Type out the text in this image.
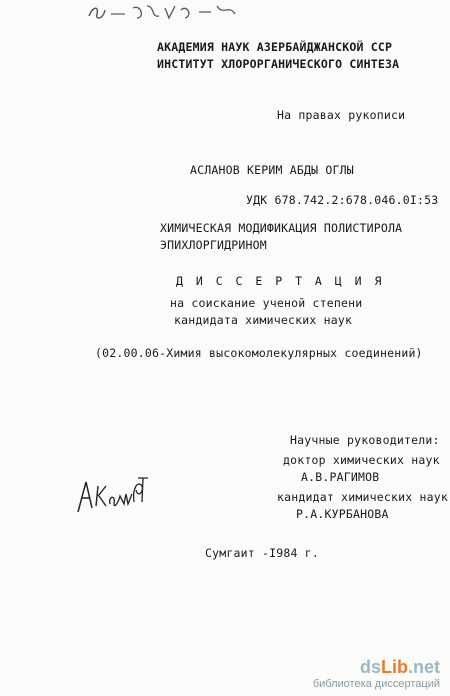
83 — 2703-80
АКАДЕМИЯ НАУК АЗЕРБАЙДЖАНСКОЙ ССР
ИНСТИТУТ ХЛОРОРГАНИЧЕСКОГО СИНТЕЗА
На правах рукописи
АСЛАНОВ КЕРИМ АБДЫ ОГЛЫ
УДК 678.742.2:678.046.0I:53
ХИМИЧЕСКАЯ МОДИФИКАЦИЯ ПОЛИСТИРОЛА
ЭПИХЛОРГИДРИНОМ
Д И С С Е Р Т А Ц И Я
на соискание ученой степени
кандидата химических наук
(02.00.06-Химия высокомолекулярных соединений)
Научные руководители:
доктор химических наук
А.В.РАГИМОВ
кандидат химических наук
Р.А.КУРБАНОВА
Сумгаит -I984 г.
dsLib.net
библиотека диссертаций
